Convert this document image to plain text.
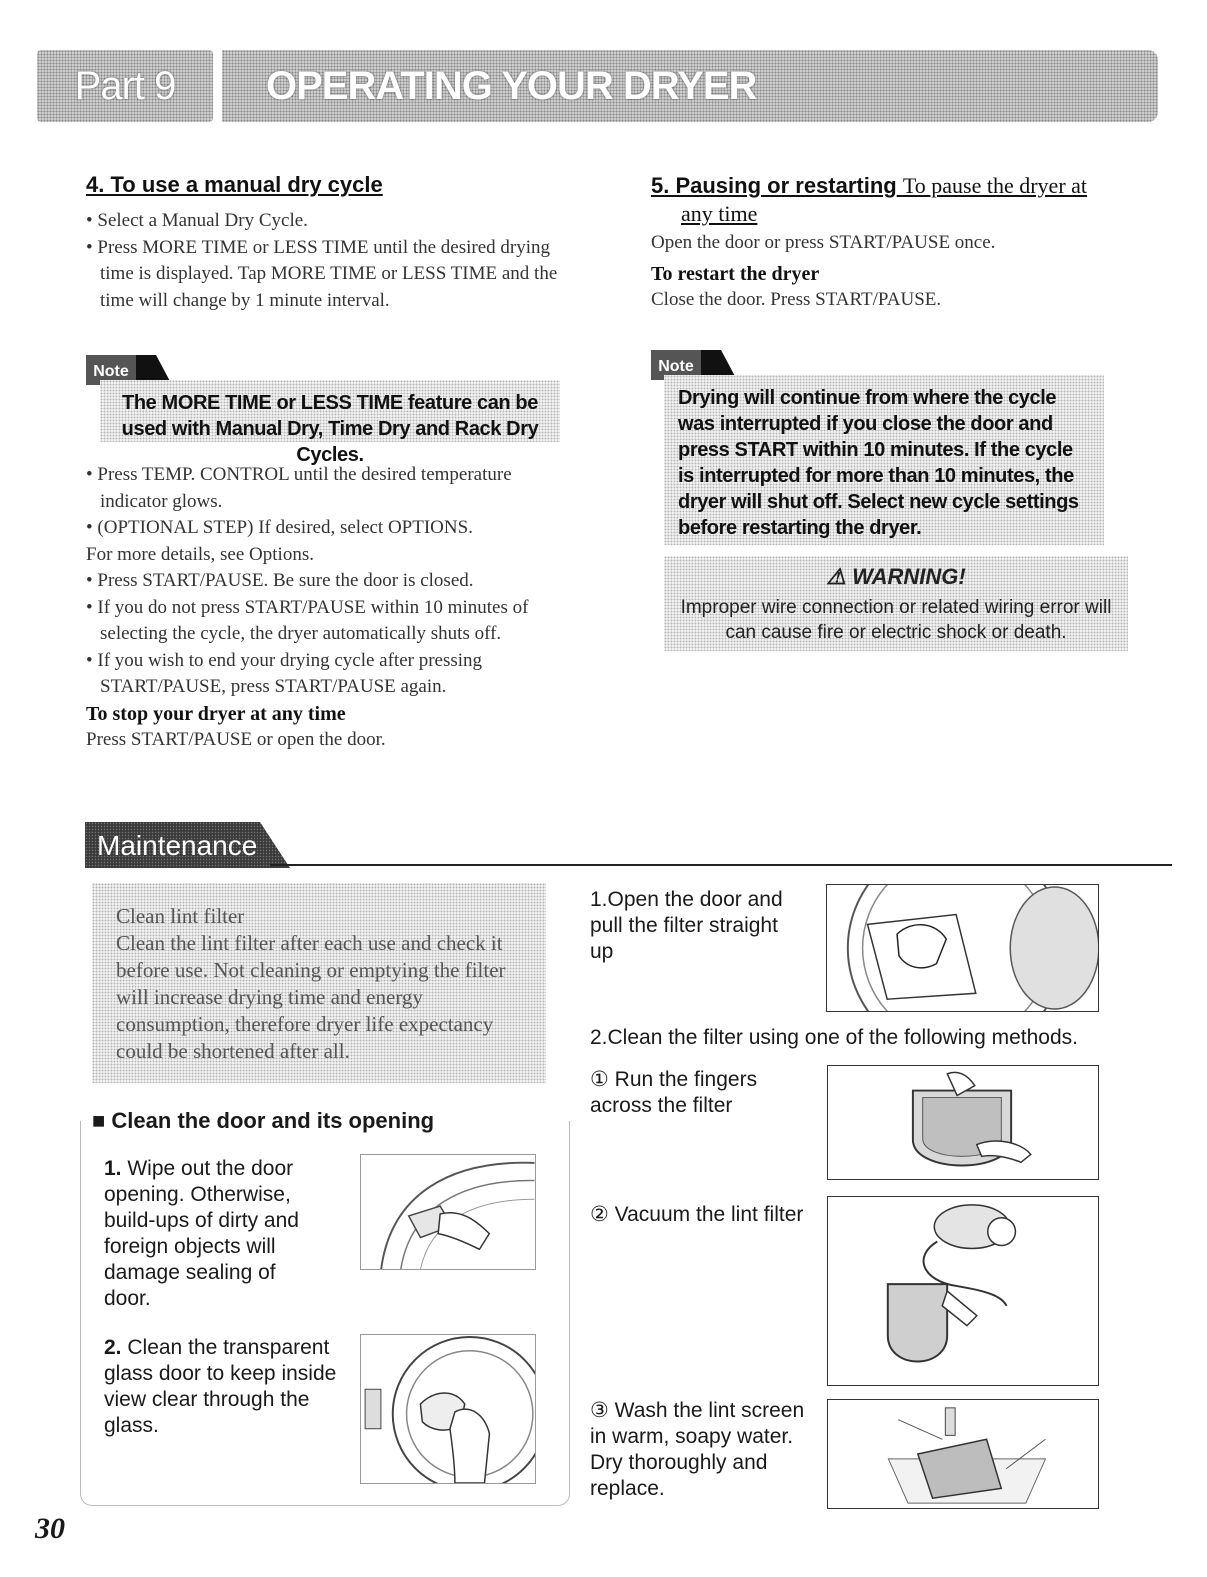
Part 9 OPERATING YOUR DRYER
4. To use a manual dry cycle

• Select a Manual Dry Cycle.

• Press MORE TIME or LESS TIME until the desired drying time is displayed. Tap MORE TIME or LESS TIME and the time will change by 1 minute interval.

Note
The MORE TIME or LESS TIME feature can be used with Manual Dry, Time Dry and Rack Dry Cycles.

• Press TEMP. CONTROL until the desired temperature indicator glows.

• (OPTIONAL STEP) If desired, select OPTIONS.

For more details, see Options.

• Press START/PAUSE. Be sure the door is closed.

• If you do not press START/PAUSE within 10 minutes of selecting the cycle, the dryer automatically shuts off.

• If you wish to end your drying cycle after pressing START/PAUSE, press START/PAUSE again.

To stop your dryer at any time

Press START/PAUSE or open the door.

5. Pausing or restarting To pause the dryer at
any time

Open the door or press START/PAUSE once.

To restart the dryer

Close the door. Press START/PAUSE.

Note
Drying will continue from where the cycle was interrupted if you close the door and press START within 10 minutes. If the cycle is interrupted for more than 10 minutes, the dryer will shut off. Select new cycle settings before restarting the dryer.
⚠ WARNING!
Improper wire connection or related wiring error will can cause fire or electric shock or death.
Maintenance

Clean lint filter

Clean the lint filter after each use and check it before use. Not cleaning or emptying the filter will increase drying time and energy consumption, therefore dryer life expectancy could be shortened after all.

■ Clean the door and its opening
1. Wipe out the door opening. Otherwise, build-ups of dirty and foreign objects will damage sealing of door.
2. Clean the transparent glass door to keep inside view clear through the glass.
1.Open the door and pull the filter straight up
2.Clean the filter using one of the following methods.
① Run the fingers across the filter
② Vacuum the lint filter
③ Wash the lint screen in warm, soapy water. Dry thoroughly and replace.
30
